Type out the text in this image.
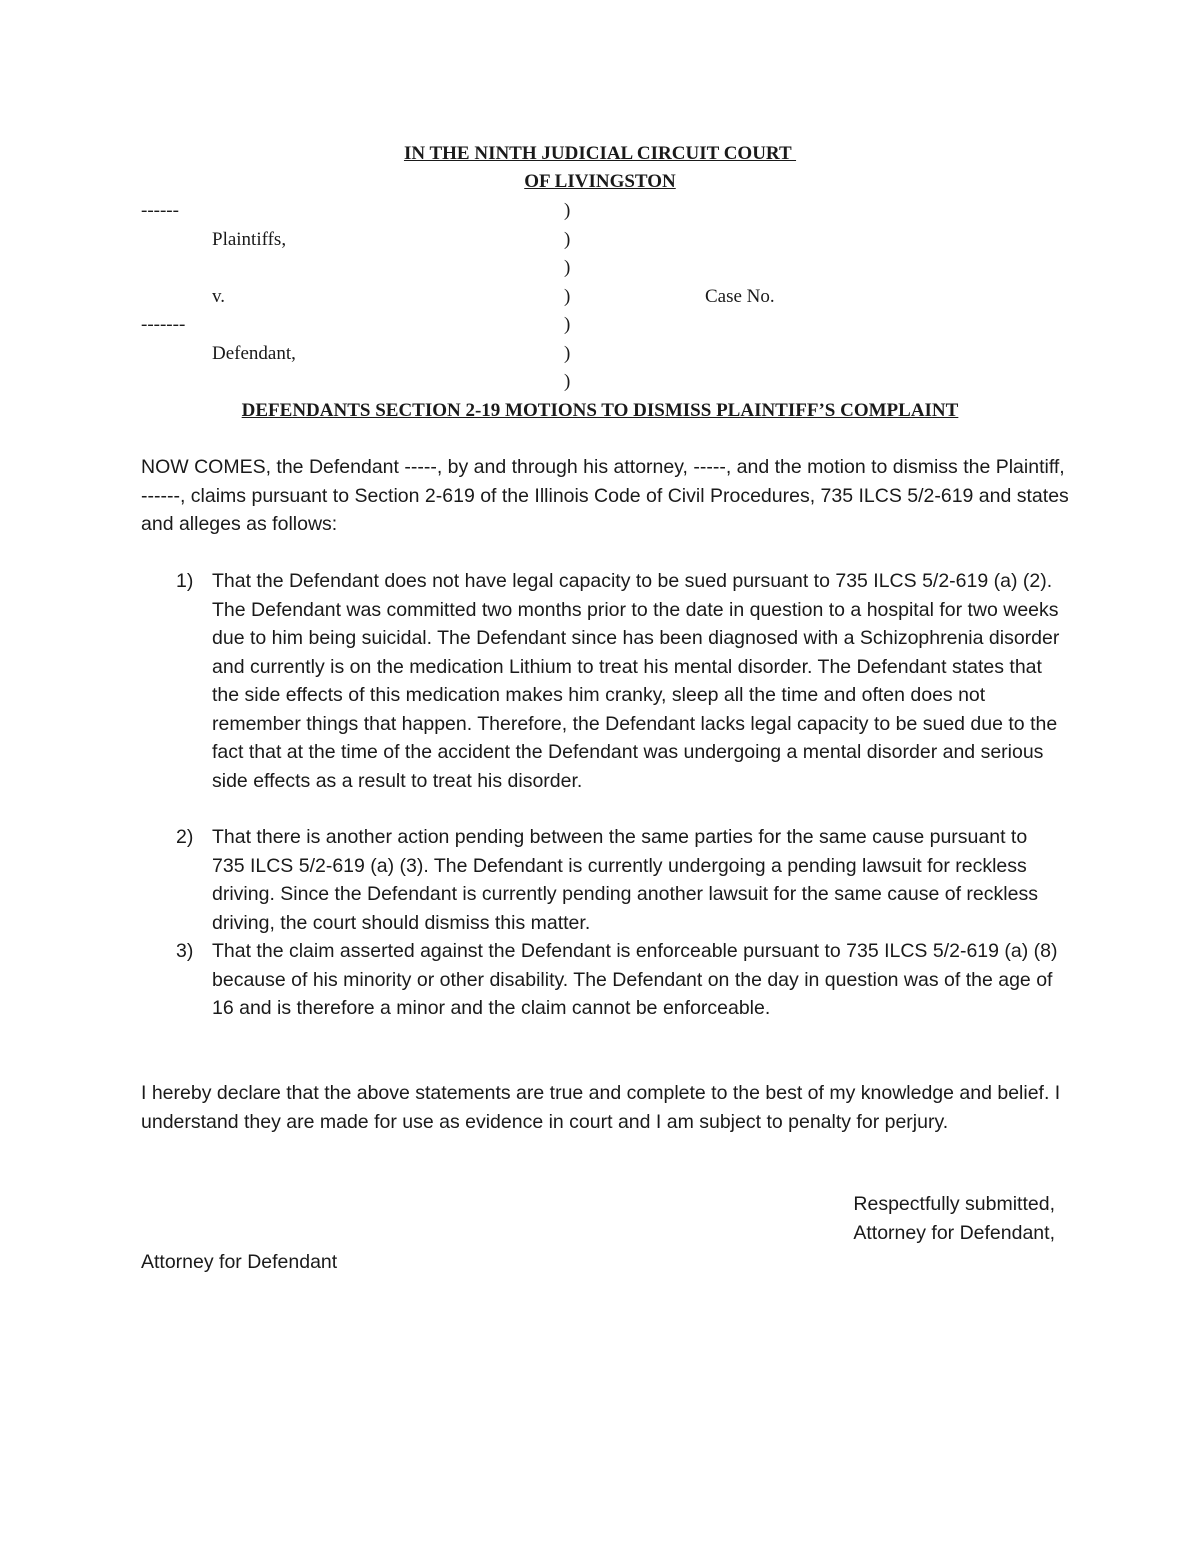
IN THE NINTH JUDICIAL CIRCUIT COURT
OF LIVINGSTON
------
Plaintiffs,
v.
-------
Defendant,
Case No.
)
)
)
)
)
)
)
DEFENDANTS SECTION 2-19 MOTIONS TO DISMISS PLAINTIFF’S COMPLAINT

NOW COMES, the Defendant -----, by and through his attorney, -----, and the motion to dismiss the Plaintiff, ------, claims pursuant to Section 2-619 of the Illinois Code of Civil Procedures, 735 ILCS 5/2-619 and states and alleges as follows:

1) That the Defendant does not have legal capacity to be sued pursuant to 735 ILCS 5/2-619 (a) (2). The Defendant was committed two months prior to the date in question to a hospital for two weeks due to him being suicidal. The Defendant since has been diagnosed with a Schizophrenia disorder and currently is on the medication Lithium to treat his mental disorder. The Defendant states that the side effects of this medication makes him cranky, sleep all the time and often does not remember things that happen. Therefore, the Defendant lacks legal capacity to be sued due to the fact that at the time of the accident the Defendant was undergoing a mental disorder and serious side effects as a result to treat his disorder.
2) That there is another action pending between the same parties for the same cause pursuant to 735 ILCS 5/2-619 (a) (3). The Defendant is currently undergoing a pending lawsuit for reckless driving. Since the Defendant is currently pending another lawsuit for the same cause of reckless driving, the court should dismiss this matter.
3) That the claim asserted against the Defendant is enforceable pursuant to 735 ILCS 5/2-619 (a) (8) because of his minority or other disability. The Defendant on the day in question was of the age of 16 and is therefore a minor and the claim cannot be enforceable.

I hereby declare that the above statements are true and complete to the best of my knowledge and belief. I understand they are made for use as evidence in court and I am subject to penalty for perjury.

Respectfully submitted,
Attorney for Defendant,
Attorney for Defendant
